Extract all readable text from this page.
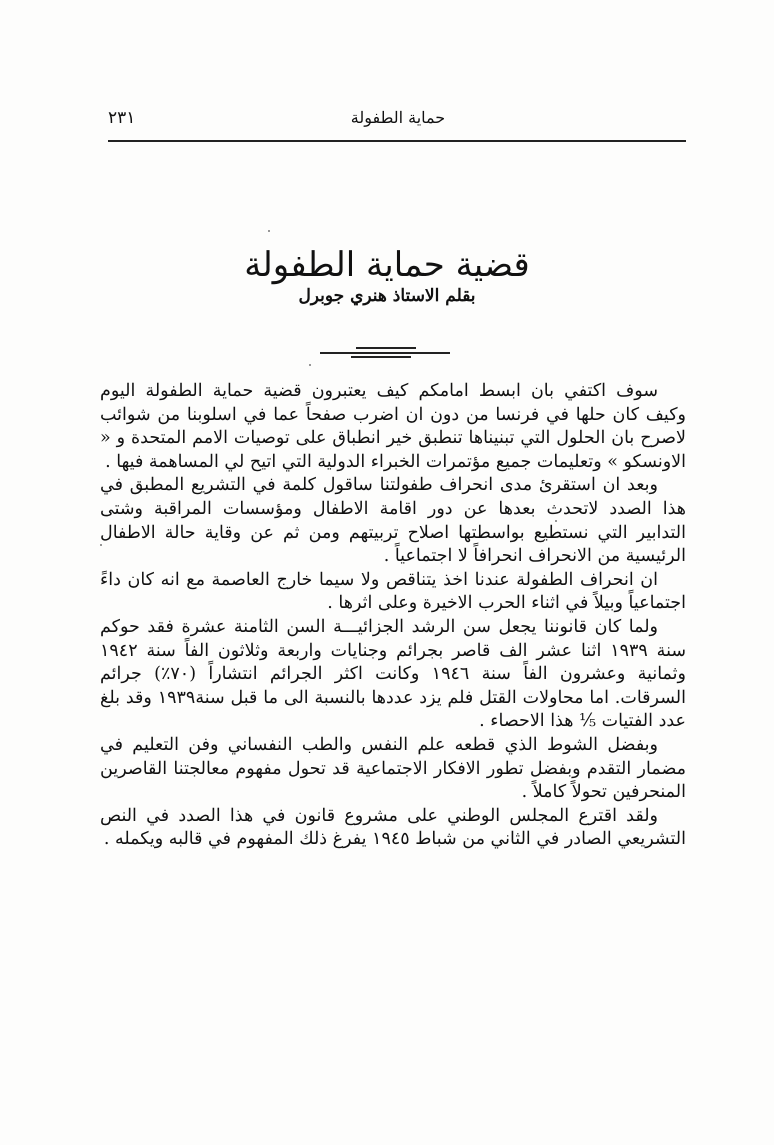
٢٣١	حماية الطفولة
قضية حماية الطفولة
بقلم الاستاذ هنري جوبرل

سوف اكتفي بان ابسط امامكم كيف يعتبرون قضية حماية الطفولة اليوم وكيف كان حلها في فرنسا من دون ان اضرب صفحاً عما في اسلوبنا من شوائب لاصرح بان الحلول التي تبنيناها تنطبق خير انطباق على توصيات الامم المتحدة و « الاونسكو » وتعليمات جميع مؤتمرات الخبراء الدولية التي اتيح لي المساهمة فيها .

وبعد ان استقرئ مدى انحراف طفولتنا ساقول كلمة في التشريع المطبق في هذا الصدد لاتحدث بعدها عن دور اقامة الاطفال ومؤسسات المراقبة وشتى التدابير التي نستطيع بواسطتها اصلاح تربيتهم ومن ثم عن وقاية حالة الاطفال الرئيسية من الانحراف انحرافاً لا اجتماعياً .

ان انحراف الطفولة عندنا اخذ يتناقص ولا سيما خارج العاصمة مع انه كان داءً اجتماعياً وبيلاً في اثناء الحرب الاخيرة وعلى اثرها .

ولما كان قانوننا يجعل سن الرشد الجزائيـــة السن الثامنة عشرة فقد حوكم سنة ١٩٣٩ اثنا عشر الف قاصر بجرائم وجنايات واربعة وثلاثون الفاً سنة ١٩٤٢ وثمانية وعشرون الفاً سنة ١٩٤٦ وكانت اكثر الجرائم انتشاراً (٧٠٪) جرائم السرقات. اما محاولات القتل فلم يزد عددها بالنسبة الى ما قبل سنة١٩٣٩ وقد بلغ عدد الفتيات ⅕ هذا الاحصاء .

وبفضل الشوط الذي قطعه علم النفس والطب النفساني وفن التعليم في مضمار التقدم وبفضل تطور الافكار الاجتماعية قد تحول مفهوم معالجتنا القاصرين المنحرفين تحولاً كاملاً .

ولقد اقترع المجلس الوطني على مشروع قانون في هذا الصدد في النص التشريعي الصادر في الثاني من شباط ١٩٤٥ يفرغ ذلك المفهوم في قالبه ويكمله .
